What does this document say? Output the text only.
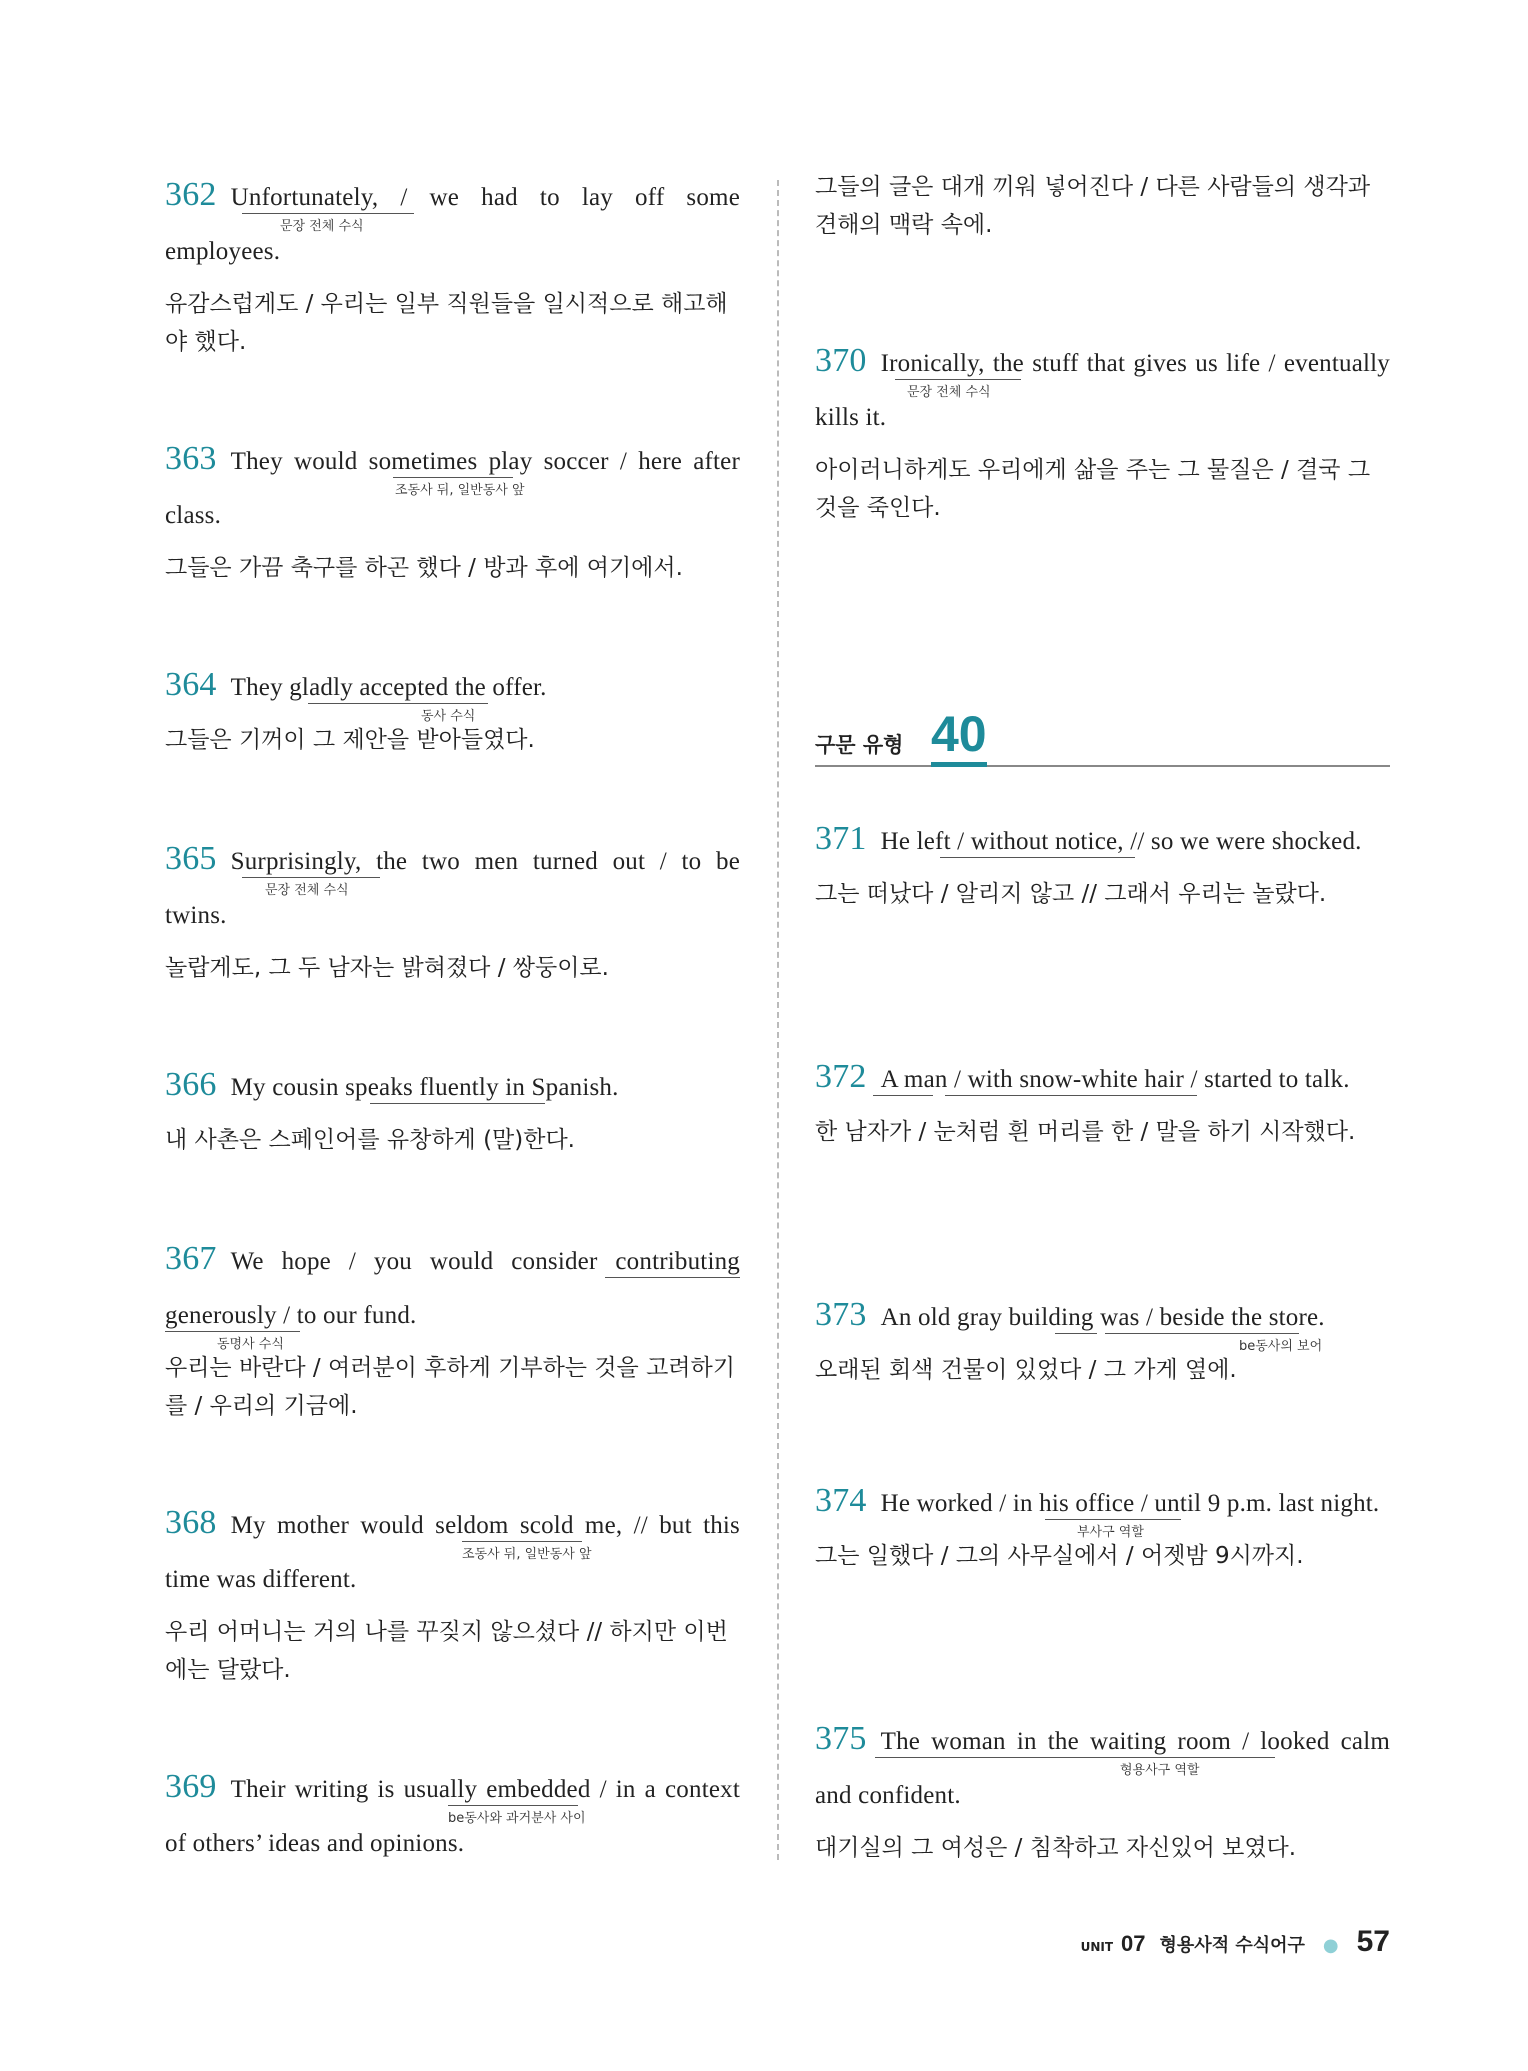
362 Unfortunately, / we had to lay off some employees.
유감스럽게도 / 우리는 일부 직원들을 일시적으로 해고해야 했다.
문장 전체 수식
363 They would sometimes play soccer / here after class.
그들은 가끔 축구를 하곤 했다 / 방과 후에 여기에서.
조동사 뒤, 일반동사 앞
364 They gladly accepted the offer.
그들은 기꺼이 그 제안을 받아들였다.
동사 수식
365 Surprisingly, the two men turned out / to be twins.
놀랍게도, 그 두 남자는 밝혀졌다 / 쌍둥이로.
문장 전체 수식
366 My cousin speaks fluently in Spanish.
내 사촌은 스페인어를 유창하게 (말)한다.
367 We hope / you would consider contributing generously / to our fund.
우리는 바란다 / 여러분이 후하게 기부하는 것을 고려하기를 / 우리의 기금에.
동명사 수식
368 My mother would seldom scold me, // but this time was different.
우리 어머니는 거의 나를 꾸짖지 않으셨다 // 하지만 이번에는 달랐다.
조동사 뒤, 일반동사 앞
369 Their writing is usually embedded / in a context of others’ ideas and opinions.
be동사와 과거분사 사이
그들의 글은 대개 끼워 넣어진다 / 다른 사람들의 생각과 견해의 맥락 속에.
370 Ironically, the stuff that gives us life / eventually kills it.
아이러니하게도 우리에게 삶을 주는 그 물질은 / 결국 그것을 죽인다.
문장 전체 수식
구문 유형 40
371 He left / without notice, // so we were shocked.
그는 떠났다 / 알리지 않고 // 그래서 우리는 놀랐다.
372 A man / with snow-white hair / started to talk.
한 남자가 / 눈처럼 흰 머리를 한 / 말을 하기 시작했다.
373 An old gray building was / beside the store.
오래된 회색 건물이 있었다 / 그 가게 옆에.
be동사의 보어
374 He worked / in his office / until 9 p.m. last night.
그는 일했다 / 그의 사무실에서 / 어젯밤 9시까지.
부사구 역할
375 The woman in the waiting room / looked calm and confident.
대기실의 그 여성은 / 침착하고 자신있어 보였다.
형용사구 역할
UNIT 07 형용사적 수식어구 ● 57
